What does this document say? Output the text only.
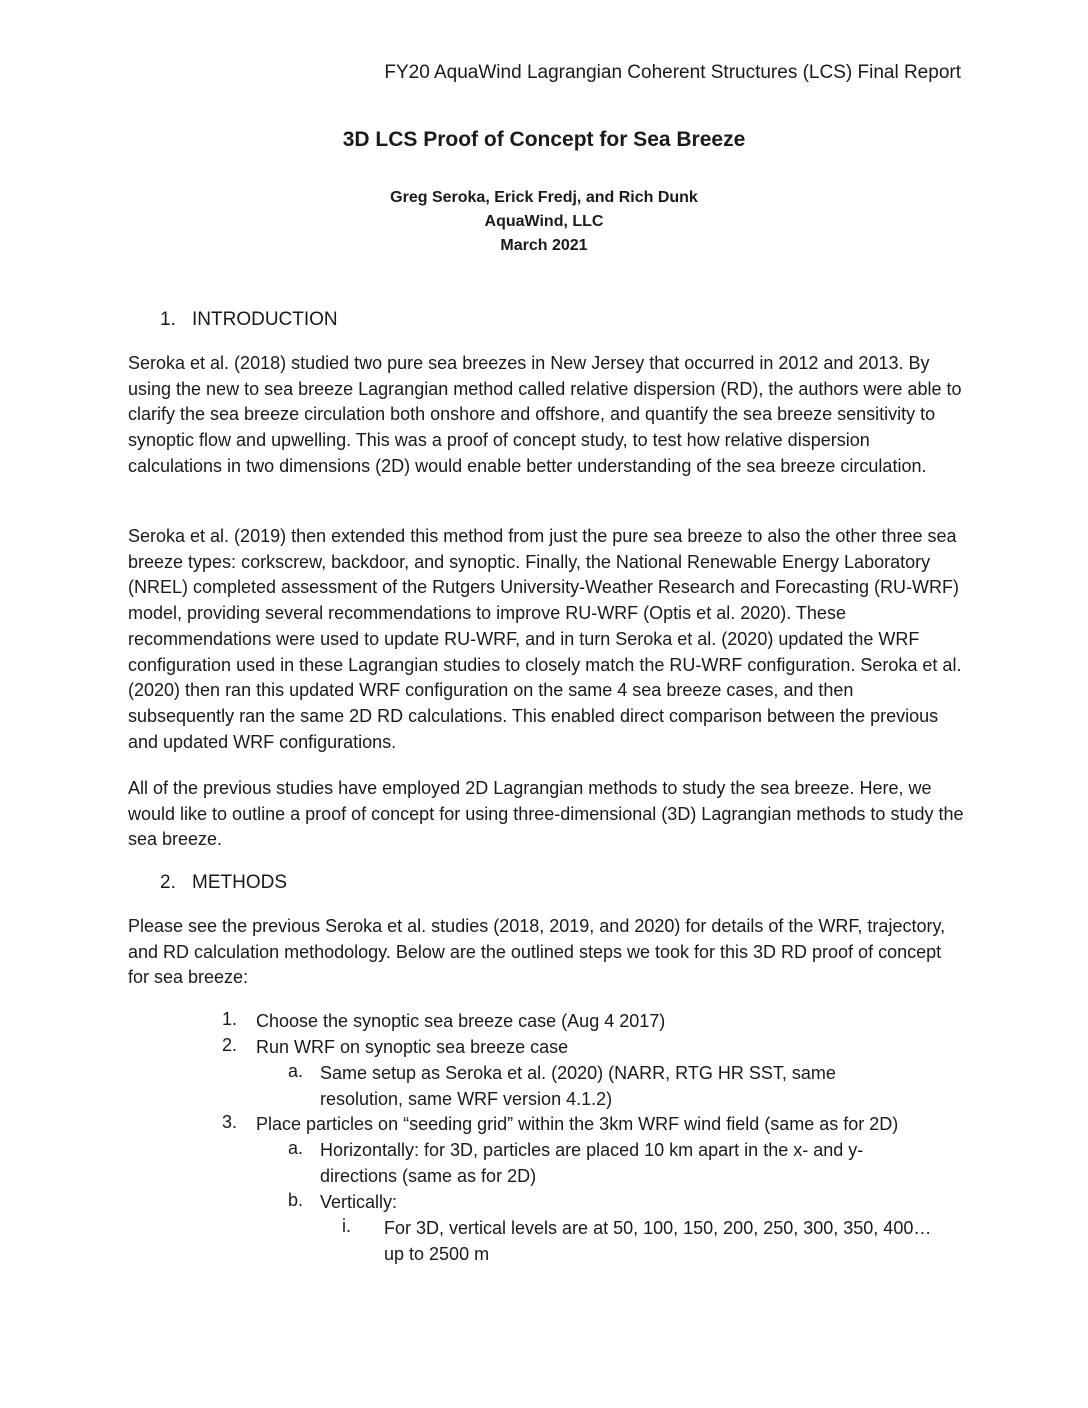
FY20 AquaWind Lagrangian Coherent Structures (LCS) Final Report
3D LCS Proof of Concept for Sea Breeze
Greg Seroka, Erick Fredj, and Rich Dunk
AquaWind, LLC
March 2021
1. INTRODUCTION
Seroka et al. (2018) studied two pure sea breezes in New Jersey that occurred in 2012 and 2013. By using the new to sea breeze Lagrangian method called relative dispersion (RD), the authors were able to clarify the sea breeze circulation both onshore and offshore, and quantify the sea breeze sensitivity to synoptic flow and upwelling. This was a proof of concept study, to test how relative dispersion calculations in two dimensions (2D) would enable better understanding of the sea breeze circulation.
Seroka et al. (2019) then extended this method from just the pure sea breeze to also the other three sea breeze types: corkscrew, backdoor, and synoptic. Finally, the National Renewable Energy Laboratory (NREL) completed assessment of the Rutgers University-Weather Research and Forecasting (RU-WRF) model, providing several recommendations to improve RU-WRF (Optis et al. 2020). These recommendations were used to update RU-WRF, and in turn Seroka et al. (2020) updated the WRF configuration used in these Lagrangian studies to closely match the RU-WRF configuration. Seroka et al. (2020) then ran this updated WRF configuration on the same 4 sea breeze cases, and then subsequently ran the same 2D RD calculations. This enabled direct comparison between the previous and updated WRF configurations.
All of the previous studies have employed 2D Lagrangian methods to study the sea breeze. Here, we would like to outline a proof of concept for using three-dimensional (3D) Lagrangian methods to study the sea breeze.
2. METHODS
Please see the previous Seroka et al. studies (2018, 2019, and 2020) for details of the WRF, trajectory, and RD calculation methodology. Below are the outlined steps we took for this 3D RD proof of concept for sea breeze:
1. Choose the synoptic sea breeze case (Aug 4 2017)
2. Run WRF on synoptic sea breeze case
a. Same setup as Seroka et al. (2020) (NARR, RTG HR SST, same resolution, same WRF version 4.1.2)
3. Place particles on “seeding grid” within the 3km WRF wind field (same as for 2D)
a. Horizontally: for 3D, particles are placed 10 km apart in the x- and y-directions (same as for 2D)
b. Vertically:
i. For 3D, vertical levels are at 50, 100, 150, 200, 250, 300, 350, 400… up to 2500 m
